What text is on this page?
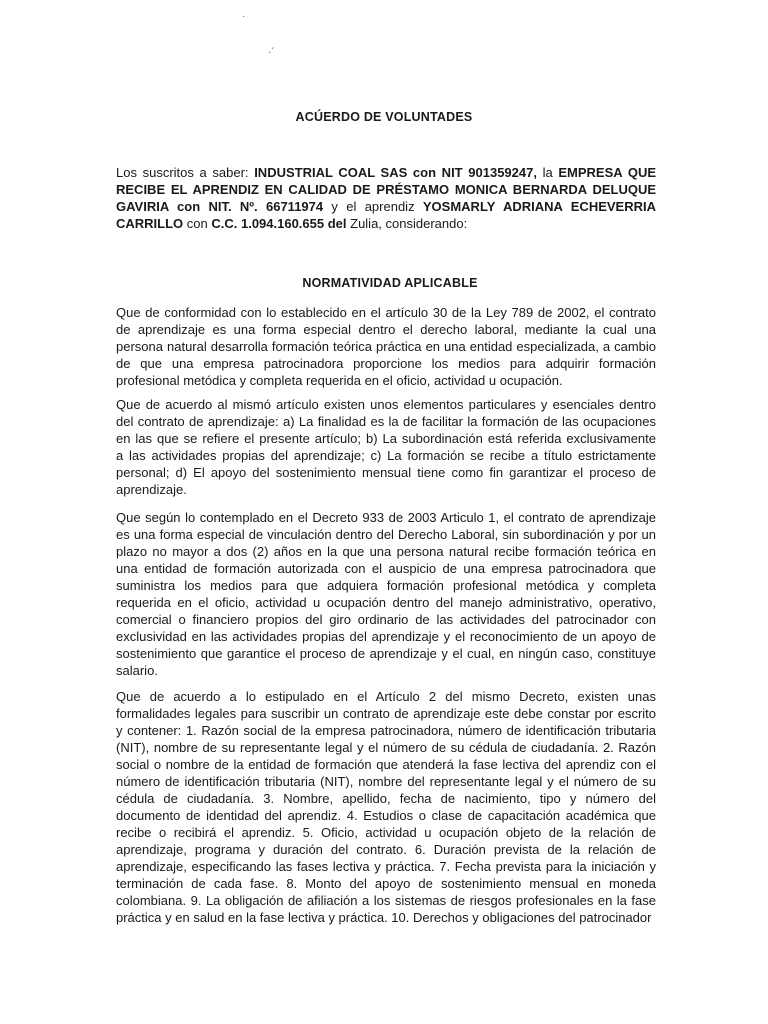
·
·´
ACÚERDO DE VOLUNTADES
Los suscritos a saber: INDUSTRIAL COAL SAS con NIT 901359247, la EMPRESA QUE
RECIBE EL APRENDIZ EN CALIDAD DE PRÉSTAMO MONICA BERNARDA DELUQUE
GAVIRIA con NIT. Nº. 66711974 y el aprendiz YOSMARLY ADRIANA ECHEVERRIA
CARRILLO con C.C. 1.094.160.655 del Zulia, considerando:
NORMATIVIDAD APLICABLE
Que de conformidad con lo establecido en el artículo 30 de la Ley 789 de 2002, el contrato
de aprendizaje es una forma especial dentro el derecho laboral, mediante la cual una
persona natural desarrolla formación teórica práctica en una entidad especializada, a cambio
de que una empresa patrocinadora proporcione los medios para adquirir formación
profesional metódica y completa requerida en el oficio, actividad u ocupación.
Que de acuerdo al mismó artículo existen unos elementos particulares y esenciales dentro
del contrato de aprendizaje: a) La finalidad es la de facilitar la formación de las ocupaciones
en las que se refiere el presente artículo; b) La subordinación está referida exclusivamente
a las actividades propias del aprendizaje; c) La formación se recibe a título estrictamente
personal; d) El apoyo del sostenimiento mensual tiene como fin garantizar el proceso de
aprendizaje.
Que según lo contemplado en el Decreto 933 de 2003 Articulo 1, el contrato de aprendizaje
es una forma especial de vinculación dentro del Derecho Laboral, sin subordinación y por un
plazo no mayor a dos (2) años en la que una persona natural recibe formación teórica en
una entidad de formación autorizada con el auspicio de una empresa patrocinadora que
suministra los medios para que adquiera formación profesional metódica y completa
requerida en el oficio, actividad u ocupación dentro del manejo administrativo, operativo,
comercial o financiero propios del giro ordinario de las actividades del patrocinador con
exclusividad en las actividades propias del aprendizaje y el reconocimiento de un apoyo de
sostenimiento que garantice el proceso de aprendizaje y el cual, en ningún caso, constituye
salario.
Que de acuerdo a lo estipulado en el Artículo 2 del mismo Decreto, existen unas
formalidades legales para suscribir un contrato de aprendizaje este debe constar por escrito
y contener: 1. Razón social de la empresa patrocinadora, número de identificación tributaria
(NIT), nombre de su representante legal y el número de su cédula de ciudadanía. 2. Razón
social o nombre de la entidad de formación que atenderá la fase lectiva del aprendiz con el
número de identificación tributaria (NIT), nombre del representante legal y el número de su
cédula de ciudadanía. 3. Nombre, apellido, fecha de nacimiento, tipo y número del
documento de identidad del aprendiz. 4. Estudios o clase de capacitación académica que
recibe o recibirá el aprendiz. 5. Oficio, actividad u ocupación objeto de la relación de
aprendizaje, programa y duración del contrato. 6. Duración prevista de la relación de
aprendizaje, especificando las fases lectiva y práctica. 7. Fecha prevista para la iniciación y
terminación de cada fase. 8. Monto del apoyo de sostenimiento mensual en moneda
colombiana. 9. La obligación de afiliación a los sistemas de riesgos profesionales en la fase
práctica y en salud en la fase lectiva y práctica. 10. Derechos y obligaciones del patrocinador
